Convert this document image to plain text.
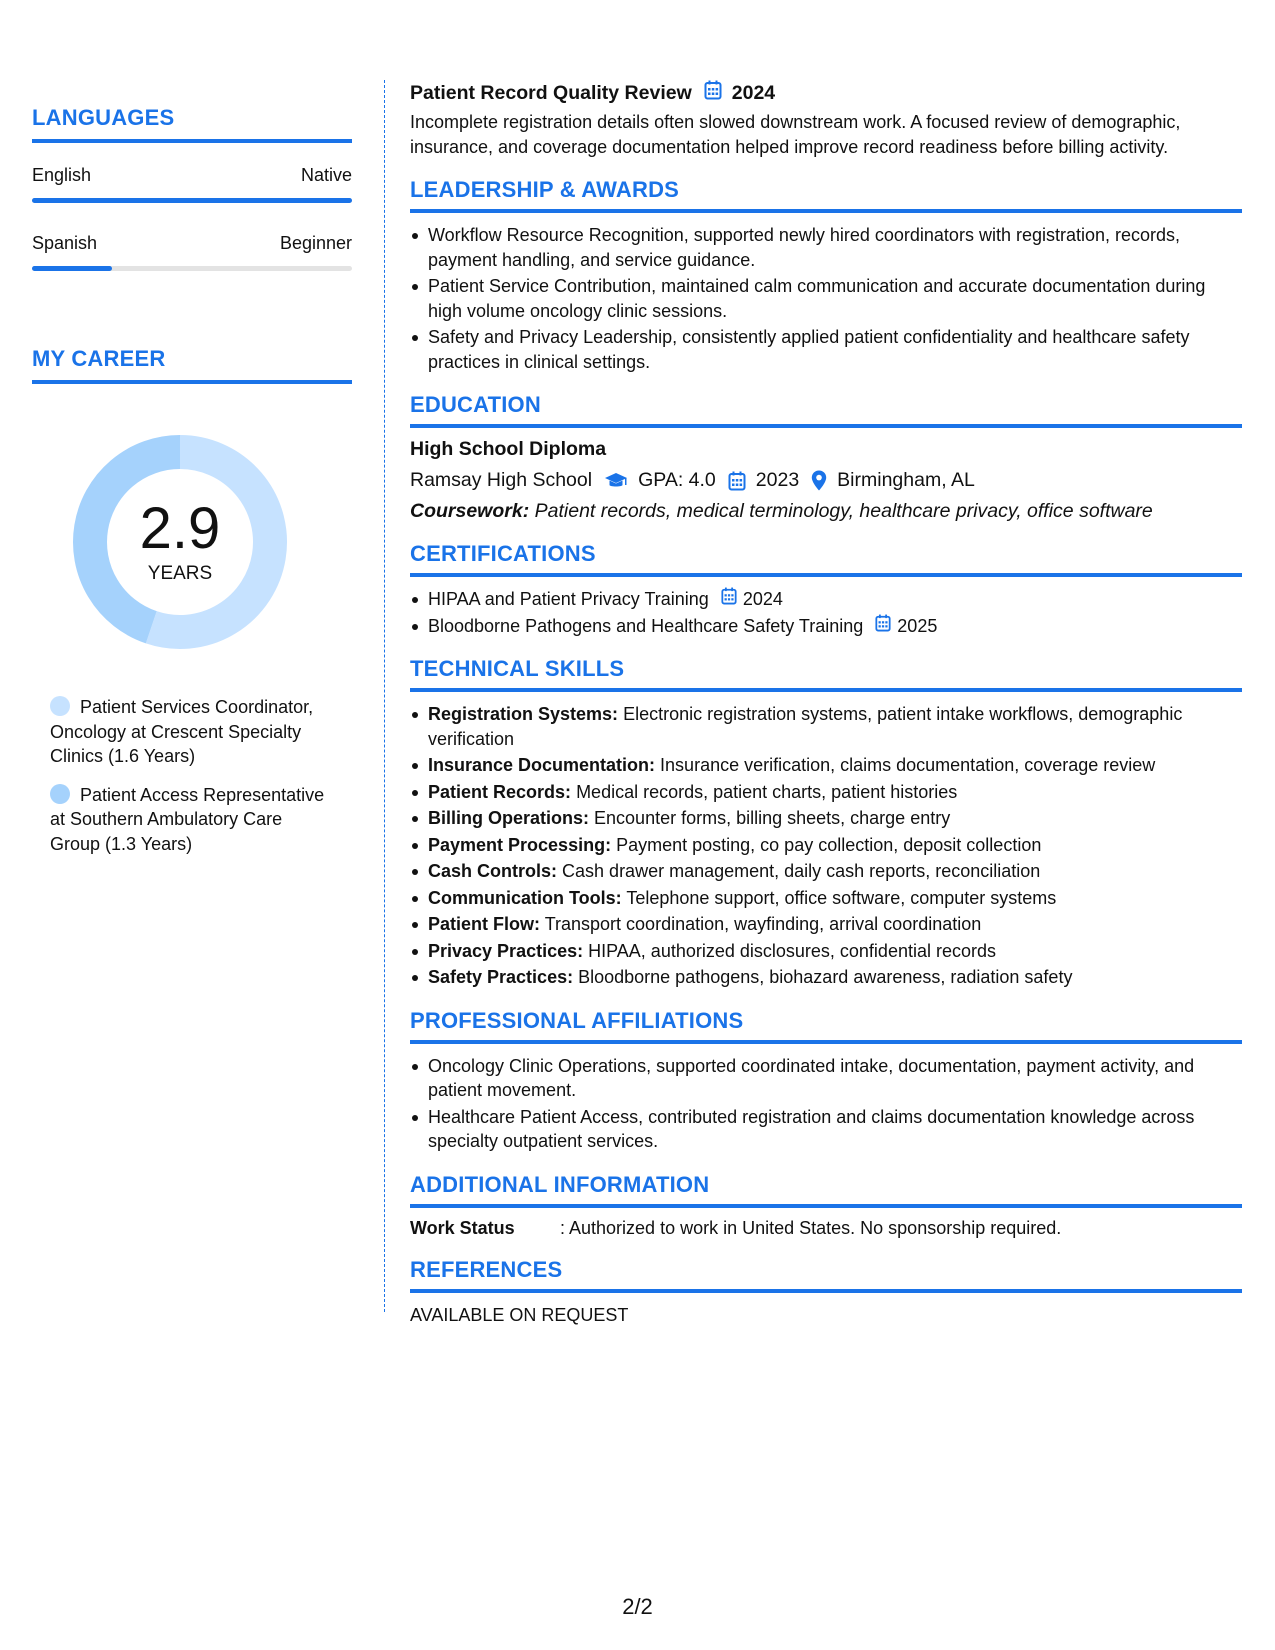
LANGUAGES
English	Native
Spanish	Beginner
MY CAREER
2.9
YEARS
Patient Services Coordinator, Oncology at Crescent Specialty Clinics (1.6 Years)
Patient Access Representative at Southern Ambulatory Care Group (1.3 Years)
Patient Record Quality Review 2024
Incomplete registration details often slowed downstream work. A focused review of demographic, insurance, and coverage documentation helped improve record readiness before billing activity.
LEADERSHIP & AWARDS
Workflow Resource Recognition, supported newly hired coordinators with registration, records, payment handling, and service guidance.
Patient Service Contribution, maintained calm communication and accurate documentation during high volume oncology clinic sessions.
Safety and Privacy Leadership, consistently applied patient confidentiality and healthcare safety practices in clinical settings.
EDUCATION
High School Diploma
Ramsay High School GPA: 4.0 2023 Birmingham, AL
Coursework: Patient records, medical terminology, healthcare privacy, office software
CERTIFICATIONS
HIPAA and Patient Privacy Training 2024
Bloodborne Pathogens and Healthcare Safety Training 2025
TECHNICAL SKILLS
Registration Systems: Electronic registration systems, patient intake workflows, demographic verification
Insurance Documentation: Insurance verification, claims documentation, coverage review
Patient Records: Medical records, patient charts, patient histories
Billing Operations: Encounter forms, billing sheets, charge entry
Payment Processing: Payment posting, co pay collection, deposit collection
Cash Controls: Cash drawer management, daily cash reports, reconciliation
Communication Tools: Telephone support, office software, computer systems
Patient Flow: Transport coordination, wayfinding, arrival coordination
Privacy Practices: HIPAA, authorized disclosures, confidential records
Safety Practices: Bloodborne pathogens, biohazard awareness, radiation safety
PROFESSIONAL AFFILIATIONS
Oncology Clinic Operations, supported coordinated intake, documentation, payment activity, and patient movement.
Healthcare Patient Access, contributed registration and claims documentation knowledge across specialty outpatient services.
ADDITIONAL INFORMATION
Work Status	: Authorized to work in United States. No sponsorship required.
REFERENCES
AVAILABLE ON REQUEST
2/2
